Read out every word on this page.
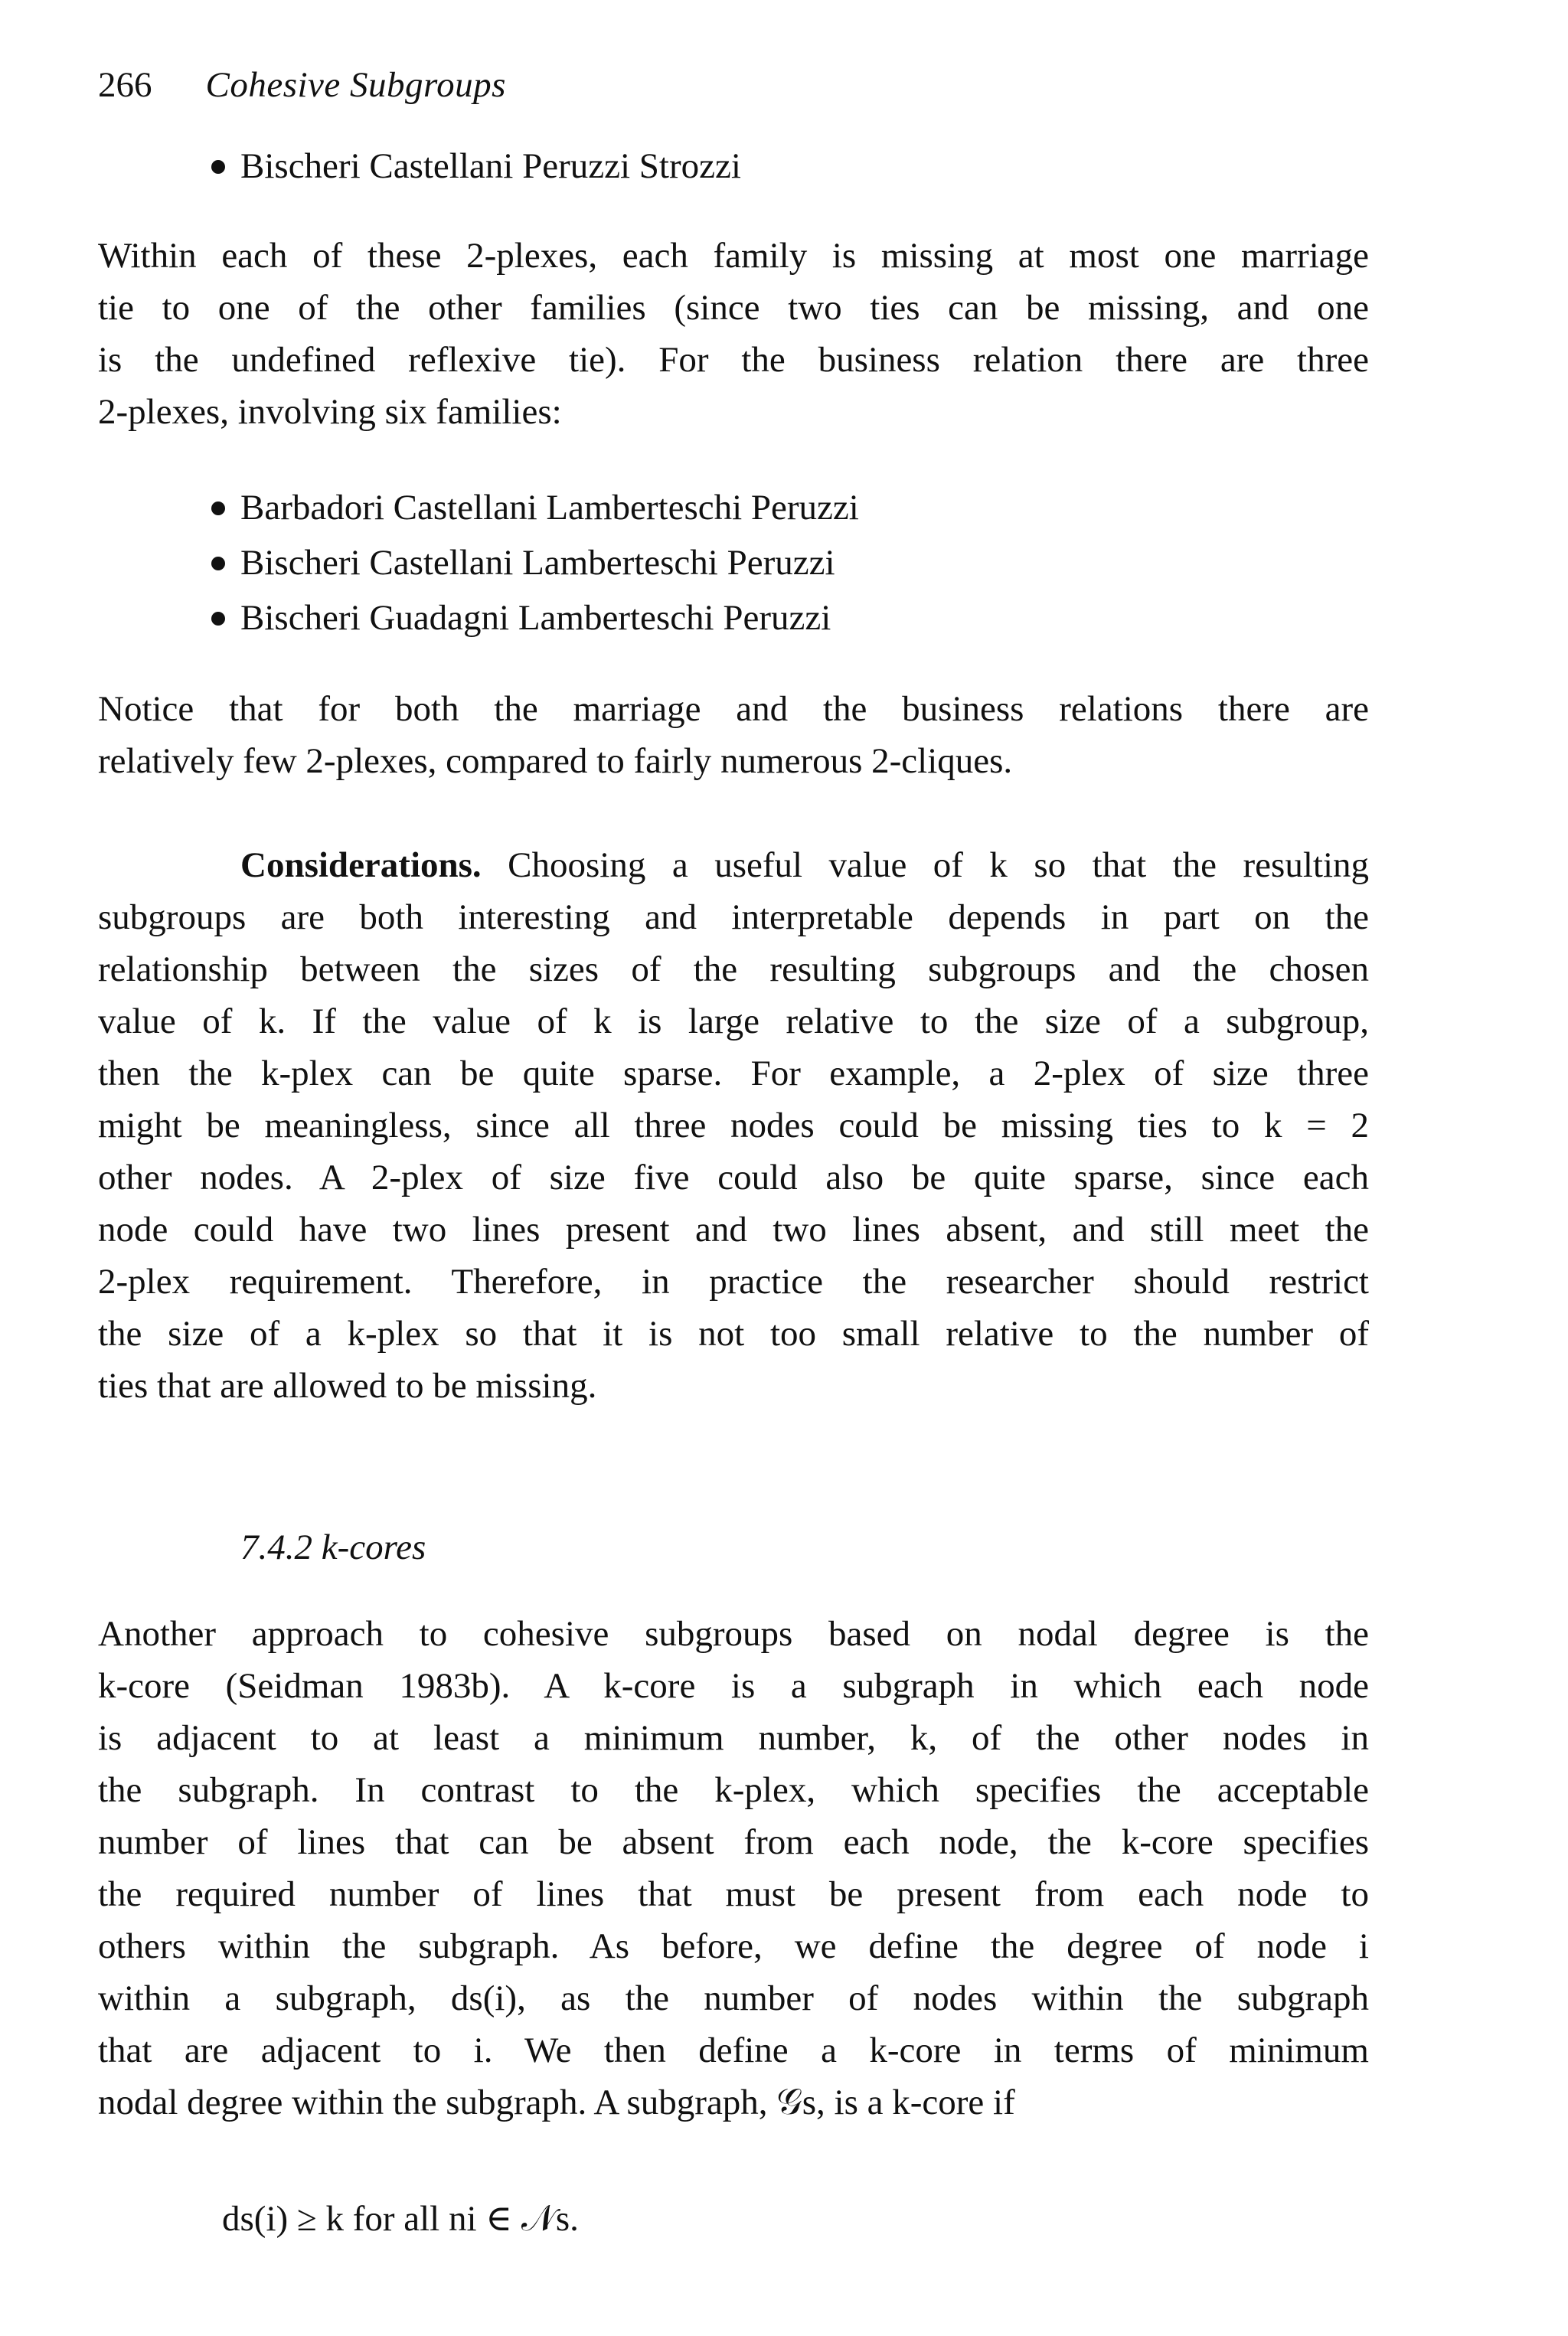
266 Cohesive Subgroups
Bischeri Castellani Peruzzi Strozzi
Within each of these 2-plexes, each family is missing at most one marriage
tie to one of the other families (since two ties can be missing, and one
is the undefined reflexive tie). For the business relation there are three
2-plexes, involving six families:
Barbadori Castellani Lamberteschi Peruzzi
Bischeri Castellani Lamberteschi Peruzzi
Bischeri Guadagni Lamberteschi Peruzzi
Notice that for both the marriage and the business relations there are
relatively few 2-plexes, compared to fairly numerous 2-cliques.
Considerations. Choosing a useful value of k so that the resulting
subgroups are both interesting and interpretable depends in part on the
relationship between the sizes of the resulting subgroups and the chosen
value of k. If the value of k is large relative to the size of a subgroup,
then the k-plex can be quite sparse. For example, a 2-plex of size three
might be meaningless, since all three nodes could be missing ties to k = 2
other nodes. A 2-plex of size five could also be quite sparse, since each
node could have two lines present and two lines absent, and still meet the
2-plex requirement. Therefore, in practice the researcher should restrict
the size of a k-plex so that it is not too small relative to the number of
ties that are allowed to be missing.
7.4.2 k-cores
Another approach to cohesive subgroups based on nodal degree is the
k-core (Seidman 1983b). A k-core is a subgraph in which each node
is adjacent to at least a minimum number, k, of the other nodes in
the subgraph. In contrast to the k-plex, which specifies the acceptable
number of lines that can be absent from each node, the k-core specifies
the required number of lines that must be present from each node to
others within the subgraph. As before, we define the degree of node i
within a subgraph, ds(i), as the number of nodes within the subgraph
that are adjacent to i. We then define a k-core in terms of minimum
nodal degree within the subgraph. A subgraph, 𝒢s, is a k-core if
ds(i) ≥ k for all ni ∈ 𝒩s.
